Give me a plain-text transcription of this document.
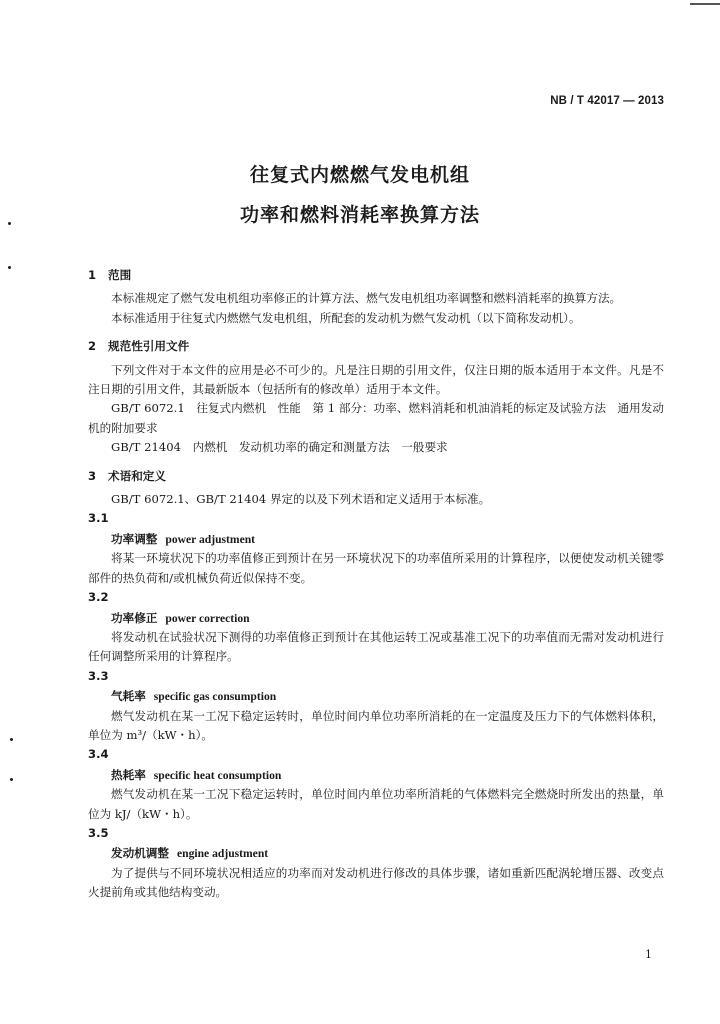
NB / T 42017 — 2013
往复式内燃燃气发电机组
功率和燃料消耗率换算方法

1 范围

本标准规定了燃气发电机组功率修正的计算方法、燃气发电机组功率调整和燃料消耗率的换算方法。

本标准适用于往复式内燃燃气发电机组，所配套的发动机为燃气发动机（以下简称发动机）。

2 规范性引用文件

下列文件对于本文件的应用是必不可少的。凡是注日期的引用文件，仅注日期的版本适用于本文件。凡是不注日期的引用文件，其最新版本（包括所有的修改单）适用于本文件。

GB/T 6072.1　往复式内燃机　性能　第 1 部分：功率、燃料消耗和机油消耗的标定及试验方法　通用发动机的附加要求

GB/T 21404　内燃机　发动机功率的确定和测量方法　一般要求

3 术语和定义

GB/T 6072.1、GB/T 21404 界定的以及下列术语和定义适用于本标准。

3.1

功率调整 power adjustment

将某一环境状况下的功率值修正到预计在另一环境状况下的功率值所采用的计算程序，以便使发动机关键零部件的热负荷和/或机械负荷近似保持不变。

3.2

功率修正 power correction

将发动机在试验状况下测得的功率值修正到预计在其他运转工况或基准工况下的功率值而无需对发动机进行任何调整所采用的计算程序。

3.3

气耗率 specific gas consumption

燃气发动机在某一工况下稳定运转时，单位时间内单位功率所消耗的在一定温度及压力下的气体燃料体积，单位为 m³/（kW・h）。

3.4

热耗率 specific heat consumption

燃气发动机在某一工况下稳定运转时，单位时间内单位功率所消耗的气体燃料完全燃烧时所发出的热量，单位为 kJ/（kW・h）。

3.5

发动机调整 engine adjustment

为了提供与不同环境状况相适应的功率而对发动机进行修改的具体步骤，诸如重新匹配涡轮增压器、改变点火提前角或其他结构变动。

1
